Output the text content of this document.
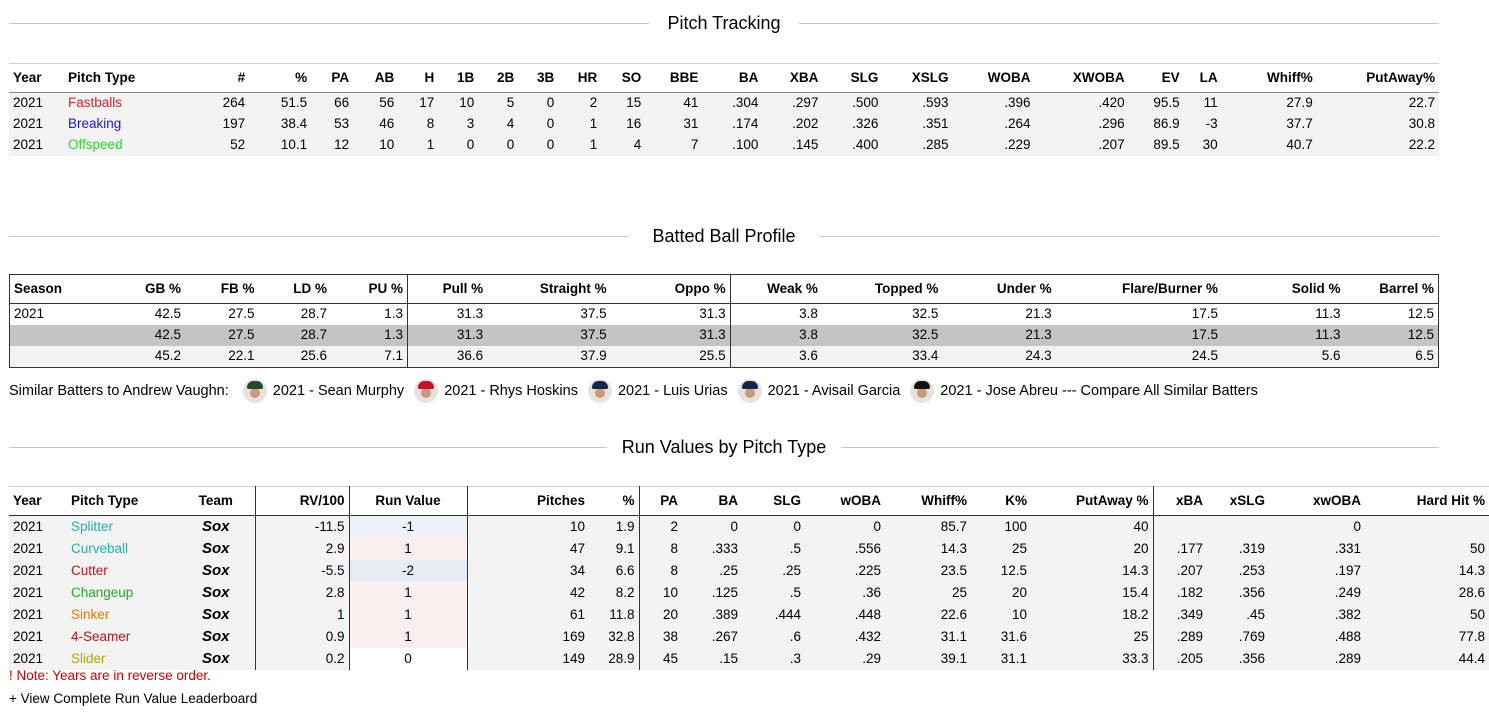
Pitch Tracking
Year	Pitch Type	#	%	PA	AB	H	1B	2B	3B	HR	SO	BBE	BA	XBA	SLG	XSLG	WOBA	XWOBA	EV	LA	Whiff%	PutAway%
2021	Fastballs	264	51.5	66	56	17	10	5	0	2	15	41	.304	.297	.500	.593	.396	.420	95.5	11	27.9	22.7
2021	Breaking	197	38.4	53	46	8	3	4	0	1	16	31	.174	.202	.326	.351	.264	.296	86.9	-3	37.7	30.8
2021	Offspeed	52	10.1	12	10	1	0	0	0	1	4	7	.100	.145	.400	.285	.229	.207	89.5	30	40.7	22.2
Batted Ball Profile
Season	GB %	FB %	LD %	PU %	Pull %	Straight %	Oppo %	Weak %	Topped %	Under %	Flare/Burner %	Solid %	Barrel %
2021	42.5	27.5	28.7	1.3	31.3	37.5	31.3	3.8	32.5	21.3	17.5	11.3	12.5
	42.5	27.5	28.7	1.3	31.3	37.5	31.3	3.8	32.5	21.3	17.5	11.3	12.5
	45.2	22.1	25.6	7.1	36.6	37.9	25.5	3.6	33.4	24.3	24.5	5.6	6.5
Similar Batters to Andrew Vaughn:	2021 - Sean Murphy	2021 - Rhys Hoskins	2021 - Luis Urias	2021 - Avisail Garcia	2021 - Jose Abreu --- Compare All Similar Batters
Run Values by Pitch Type
Year	Pitch Type	Team	RV/100	Run Value	Pitches	%	PA	BA	SLG	wOBA	Whiff%	K%	PutAway %	xBA	xSLG	xwOBA	Hard Hit %
2021	Splitter	Sox	-11.5	-1	10	1.9	2	0	0	0	85.7	100	40			0	
2021	Curveball	Sox	2.9	1	47	9.1	8	.333	.5	.556	14.3	25	20	.177	.319	.331	50
2021	Cutter	Sox	-5.5	-2	34	6.6	8	.25	.25	.225	23.5	12.5	14.3	.207	.253	.197	14.3
2021	Changeup	Sox	2.8	1	42	8.2	10	.125	.5	.36	25	20	15.4	.182	.356	.249	28.6
2021	Sinker	Sox	1	1	61	11.8	20	.389	.444	.448	22.6	10	18.2	.349	.45	.382	50
2021	4-Seamer	Sox	0.9	1	169	32.8	38	.267	.6	.432	31.1	31.6	25	.289	.769	.488	77.8
2021	Slider	Sox	0.2	0	149	28.9	45	.15	.3	.29	39.1	31.1	33.3	.205	.356	.289	44.4
! Note: Years are in reverse order.
+ View Complete Run Value Leaderboard
